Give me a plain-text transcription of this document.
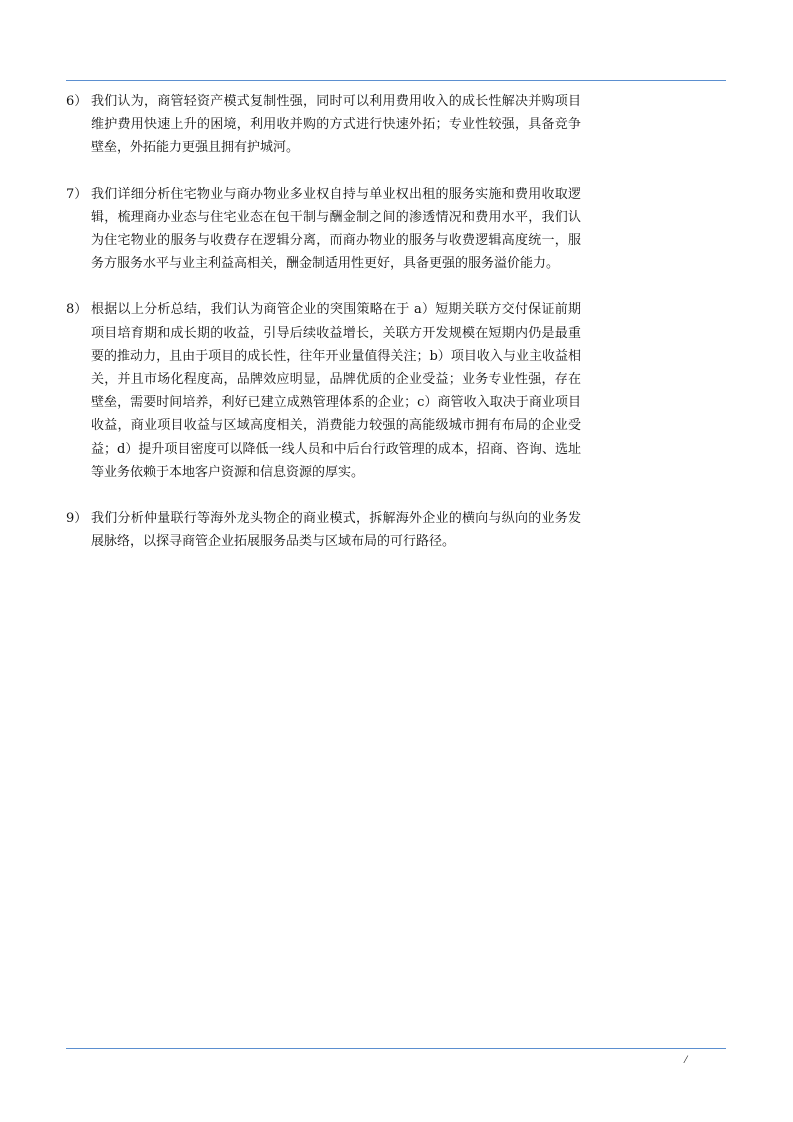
6） 我们认为，商管轻资产模式复制性强，同时可以利用费用收入的成长性解决并购项目维护费用快速上升的困境，利用收并购的方式进行快速外拓；专业性较强，具备竞争壁垒，外拓能力更强且拥有护城河。
7） 我们详细分析住宅物业与商办物业多业权自持与单业权出租的服务实施和费用收取逻辑，梳理商办业态与住宅业态在包干制与酬金制之间的渗透情况和费用水平，我们认为住宅物业的服务与收费存在逻辑分离，而商办物业的服务与收费逻辑高度统一，服务方服务水平与业主利益高相关，酬金制适用性更好，具备更强的服务溢价能力。
8） 根据以上分析总结，我们认为商管企业的突围策略在于 a）短期关联方交付保证前期项目培育期和成长期的收益，引导后续收益增长，关联方开发规模在短期内仍是最重要的推动力，且由于项目的成长性，往年开业量值得关注；b）项目收入与业主收益相关，并且市场化程度高，品牌效应明显，品牌优质的企业受益；业务专业性强，存在壁垒，需要时间培养，利好已建立成熟管理体系的企业；c）商管收入取决于商业项目收益，商业项目收益与区域高度相关，消费能力较强的高能级城市拥有布局的企业受益；d）提升项目密度可以降低一线人员和中后台行政管理的成本，招商、咨询、选址等业务依赖于本地客户资源和信息资源的厚实。
9） 我们分析仲量联行等海外龙头物企的商业模式，拆解海外企业的横向与纵向的业务发展脉络，以探寻商管企业拓展服务品类与区域布局的可行路径。
/
